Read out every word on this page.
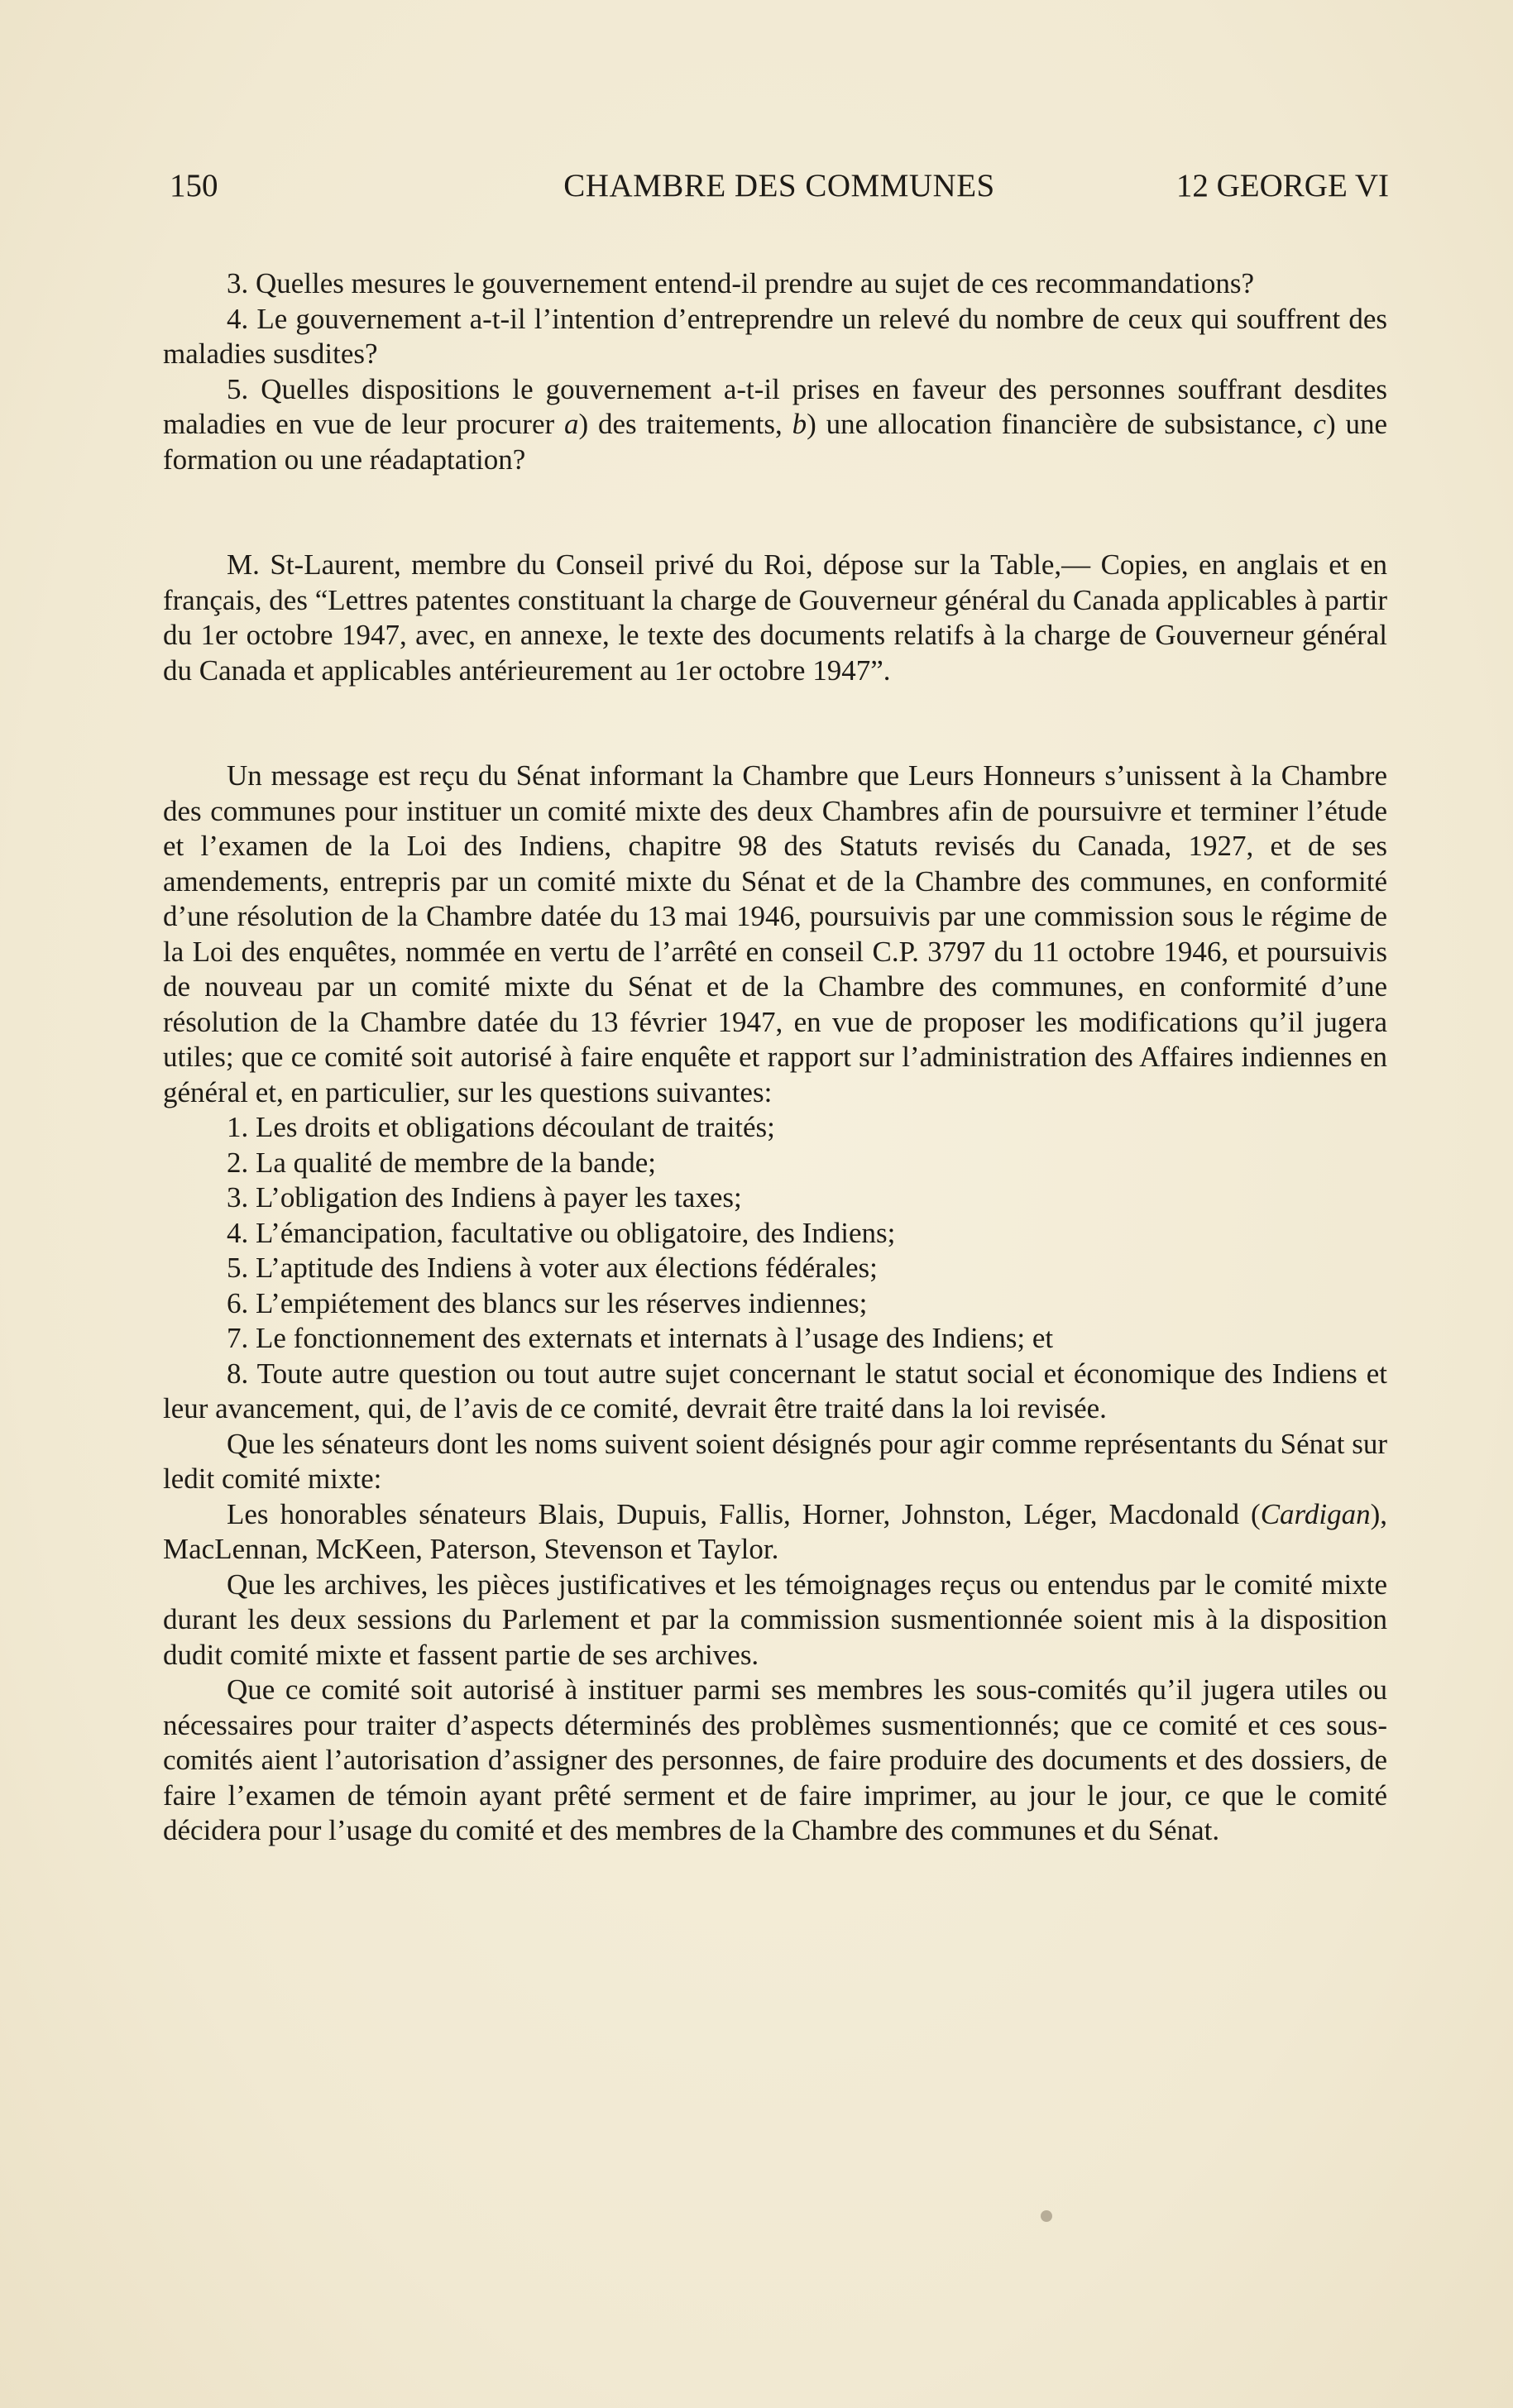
150	CHAMBRE DES COMMUNES	12 GEORGE VI

3. Quelles mesures le gouvernement entend-il prendre au sujet de ces recommandations?

4. Le gouvernement a-t-il l’intention d’entreprendre un relevé du nombre de ceux qui souffrent des maladies susdites?

5. Quelles dispositions le gouvernement a-t-il prises en faveur des personnes souffrant desdites maladies en vue de leur procurer a) des traitements, b) une allocation financière de subsistance, c) une formation ou une réadaptation?

M. St-Laurent, membre du Conseil privé du Roi, dépose sur la Table,— Copies, en anglais et en français, des “Lettres patentes constituant la charge de Gouverneur général du Canada applicables à partir du 1er octobre 1947, avec, en annexe, le texte des documents relatifs à la charge de Gouverneur général du Canada et applicables antérieurement au 1er octobre 1947”.

Un message est reçu du Sénat informant la Chambre que Leurs Honneurs s’unissent à la Chambre des communes pour instituer un comité mixte des deux Chambres afin de poursuivre et terminer l’étude et l’examen de la Loi des Indiens, chapitre 98 des Statuts revisés du Canada, 1927, et de ses amendements, entrepris par un comité mixte du Sénat et de la Chambre des communes, en conformité d’une résolution de la Chambre datée du 13 mai 1946, poursuivis par une commission sous le régime de la Loi des enquêtes, nommée en vertu de l’arrêté en conseil C.P. 3797 du 11 octobre 1946, et poursuivis de nouveau par un comité mixte du Sénat et de la Chambre des communes, en conformité d’une résolution de la Chambre datée du 13 février 1947, en vue de proposer les modifications qu’il jugera utiles; que ce comité soit autorisé à faire enquête et rapport sur l’administration des Affaires indiennes en général et, en particulier, sur les questions suivantes:

1. Les droits et obligations découlant de traités;

2. La qualité de membre de la bande;

3. L’obligation des Indiens à payer les taxes;

4. L’émancipation, facultative ou obligatoire, des Indiens;

5. L’aptitude des Indiens à voter aux élections fédérales;

6. L’empiétement des blancs sur les réserves indiennes;

7. Le fonctionnement des externats et internats à l’usage des Indiens; et

8. Toute autre question ou tout autre sujet concernant le statut social et économique des Indiens et leur avancement, qui, de l’avis de ce comité, devrait être traité dans la loi revisée.

Que les sénateurs dont les noms suivent soient désignés pour agir comme représentants du Sénat sur ledit comité mixte:

Les honorables sénateurs Blais, Dupuis, Fallis, Horner, Johnston, Léger, Macdonald (Cardigan), MacLennan, McKeen, Paterson, Stevenson et Taylor.

Que les archives, les pièces justificatives et les témoignages reçus ou entendus par le comité mixte durant les deux sessions du Parlement et par la commission susmentionnée soient mis à la disposition dudit comité mixte et fassent partie de ses archives.

Que ce comité soit autorisé à instituer parmi ses membres les sous-comités qu’il jugera utiles ou nécessaires pour traiter d’aspects déterminés des problèmes susmentionnés; que ce comité et ces sous-comités aient l’autorisation d’assigner des personnes, de faire produire des documents et des dossiers, de faire l’examen de témoin ayant prêté serment et de faire imprimer, au jour le jour, ce que le comité décidera pour l’usage du comité et des membres de la Chambre des communes et du Sénat.
